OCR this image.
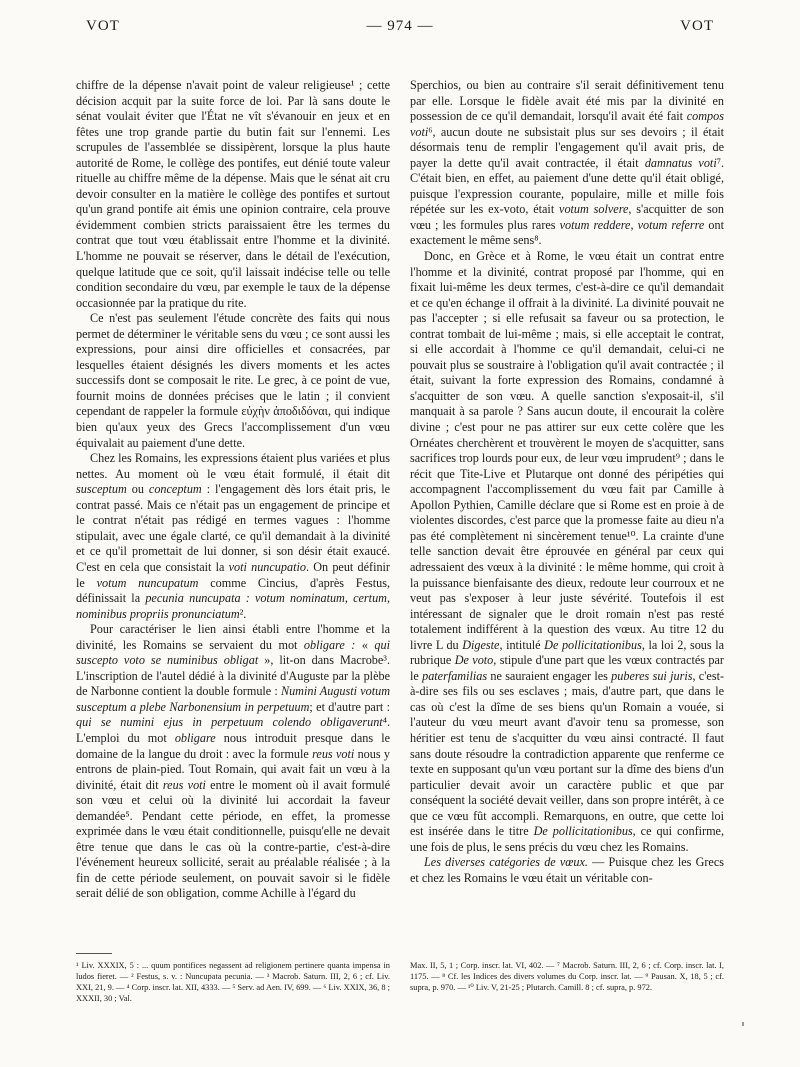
VOT	— 974 —	VOT

chiffre de la dépense n'avait point de valeur religieuse¹ ; cette décision acquit par la suite force de loi. Par là sans doute le sénat voulait éviter que l'État ne vît s'évanouir en jeux et en fêtes une trop grande partie du butin fait sur l'ennemi. Les scrupules de l'assemblée se dissipèrent, lorsque la plus haute autorité de Rome, le collège des pontifes, eut dénié toute valeur rituelle au chiffre même de la dépense. Mais que le sénat ait cru devoir consulter en la matière le collège des pontifes et surtout qu'un grand pontife ait émis une opinion contraire, cela prouve évidemment combien stricts paraissaient être les termes du contrat que tout vœu établissait entre l'homme et la divinité. L'homme ne pouvait se réserver, dans le détail de l'exécution, quelque latitude que ce soit, qu'il laissait indécise telle ou telle condition secondaire du vœu, par exemple le taux de la dépense occasionnée par la pratique du rite.

Ce n'est pas seulement l'étude concrète des faits qui nous permet de déterminer le véritable sens du vœu ; ce sont aussi les expressions, pour ainsi dire officielles et consacrées, par lesquelles étaient désignés les divers moments et les actes successifs dont se composait le rite. Le grec, à ce point de vue, fournit moins de données précises que le latin ; il convient cependant de rappeler la formule εὐχὴν ἀποδιδόναι, qui indique bien qu'aux yeux des Grecs l'accomplissement d'un vœu équivalait au paiement d'une dette.

Chez les Romains, les expressions étaient plus variées et plus nettes. Au moment où le vœu était formulé, il était dit susceptum ou conceptum : l'engagement dès lors était pris, le contrat passé. Mais ce n'était pas un engagement de principe et le contrat n'était pas rédigé en termes vagues : l'homme stipulait, avec une égale clarté, ce qu'il demandait à la divinité et ce qu'il promettait de lui donner, si son désir était exaucé. C'est en cela que consistait la voti nuncupatio. On peut définir le votum nuncupatum comme Cincius, d'après Festus, définissait la pecunia nuncupata : votum nominatum, certum, nominibus propriis pronunciatum².

Pour caractériser le lien ainsi établi entre l'homme et la divinité, les Romains se servaient du mot obligare : « qui suscepto voto se numinibus obligat », lit-on dans Macrobe³. L'inscription de l'autel dédié à la divinité d'Auguste par la plèbe de Narbonne contient la double formule : Numini Augusti votum susceptum a plebe Narbonensium in perpetuum; et d'autre part : qui se numini ejus in perpetuum colendo obligaverunt⁴. L'emploi du mot obligare nous introduit presque dans le domaine de la langue du droit : avec la formule reus voti nous y entrons de plain-pied. Tout Romain, qui avait fait un vœu à la divinité, était dit reus voti entre le moment où il avait formulé son vœu et celui où la divinité lui accordait la faveur demandée⁵. Pendant cette période, en effet, la promesse exprimée dans le vœu était conditionnelle, puisqu'elle ne devait être tenue que dans le cas où la contre-partie, c'est-à-dire l'événement heureux sollicité, serait au préalable réalisée ; à la fin de cette période seulement, on pouvait savoir si le fidèle serait délié de son obligation, comme Achille à l'égard du

Sperchios, ou bien au contraire s'il serait définitivement tenu par elle. Lorsque le fidèle avait été mis par la divinité en possession de ce qu'il demandait, lorsqu'il avait été fait compos voti⁶, aucun doute ne subsistait plus sur ses devoirs ; il était désormais tenu de remplir l'engagement qu'il avait pris, de payer la dette qu'il avait contractée, il était damnatus voti⁷. C'était bien, en effet, au paiement d'une dette qu'il était obligé, puisque l'expression courante, populaire, mille et mille fois répétée sur les ex-voto, était votum solvere, s'acquitter de son vœu ; les formules plus rares votum reddere, votum referre ont exactement le même sens⁸.

Donc, en Grèce et à Rome, le vœu était un contrat entre l'homme et la divinité, contrat proposé par l'homme, qui en fixait lui-même les deux termes, c'est-à-dire ce qu'il demandait et ce qu'en échange il offrait à la divinité. La divinité pouvait ne pas l'accepter ; si elle refusait sa faveur ou sa protection, le contrat tombait de lui-même ; mais, si elle acceptait le contrat, si elle accordait à l'homme ce qu'il demandait, celui-ci ne pouvait plus se soustraire à l'obligation qu'il avait contractée ; il était, suivant la forte expression des Romains, condamné à s'acquitter de son vœu. A quelle sanction s'exposait-il, s'il manquait à sa parole ? Sans aucun doute, il encourait la colère divine ; c'est pour ne pas attirer sur eux cette colère que les Ornéates cherchèrent et trouvèrent le moyen de s'acquitter, sans sacrifices trop lourds pour eux, de leur vœu imprudent⁹ ; dans le récit que Tite-Live et Plutarque ont donné des péripéties qui accompagnent l'accomplissement du vœu fait par Camille à Apollon Pythien, Camille déclare que si Rome est en proie à de violentes discordes, c'est parce que la promesse faite au dieu n'a pas été complètement ni sincèrement tenue¹⁰. La crainte d'une telle sanction devait être éprouvée en général par ceux qui adressaient des vœux à la divinité : le même homme, qui croit à la puissance bienfaisante des dieux, redoute leur courroux et ne veut pas s'exposer à leur juste sévérité. Toutefois il est intéressant de signaler que le droit romain n'est pas resté totalement indifférent à la question des vœux. Au titre 12 du livre L du Digeste, intitulé De pollicitationibus, la loi 2, sous la rubrique De voto, stipule d'une part que les vœux contractés par le paterfamilias ne sauraient engager les puberes sui juris, c'est-à-dire ses fils ou ses esclaves ; mais, d'autre part, que dans le cas où c'est la dîme de ses biens qu'un Romain a vouée, si l'auteur du vœu meurt avant d'avoir tenu sa promesse, son héritier est tenu de s'acquitter du vœu ainsi contracté. Il faut sans doute résoudre la contradiction apparente que renferme ce texte en supposant qu'un vœu portant sur la dîme des biens d'un particulier devait avoir un caractère public et que par conséquent la société devait veiller, dans son propre intérêt, à ce que ce vœu fût accompli. Remarquons, en outre, que cette loi est insérée dans le titre De pollicitationibus, ce qui confirme, une fois de plus, le sens précis du vœu chez les Romains.

Les diverses catégories de vœux. — Puisque chez les Grecs et chez les Romains le vœu était un véritable con-

¹ Liv. XXXIX, 5 : ... quum pontifices negassent ad religionem pertinere quanta impensa in ludos fieret. — ² Festus, s. v. : Nuncupata pecunia. — ³ Macrob. Saturn. III, 2, 6 ; cf. Liv. XXI, 21, 9. — ⁴ Corp. inscr. lat. XII, 4333. — ⁵ Serv. ad Aen. IV, 699. — ⁶ Liv. XXIX, 36, 8 ; XXXII, 30 ; Val.

Max. II, 5, 1 ; Corp. inscr. lat. VI, 402. — ⁷ Macrob. Saturn. III, 2, 6 ; cf. Corp. inscr. lat. I, 1175. — ⁸ Cf. les Indices des divers volumes du Corp. inscr. lat. — ⁹ Pausan. X, 18, 5 ; cf. supra, p. 970. — ¹⁰ Liv. V, 21-25 ; Plutarch. Camill. 8 ; cf. supra, p. 972.
